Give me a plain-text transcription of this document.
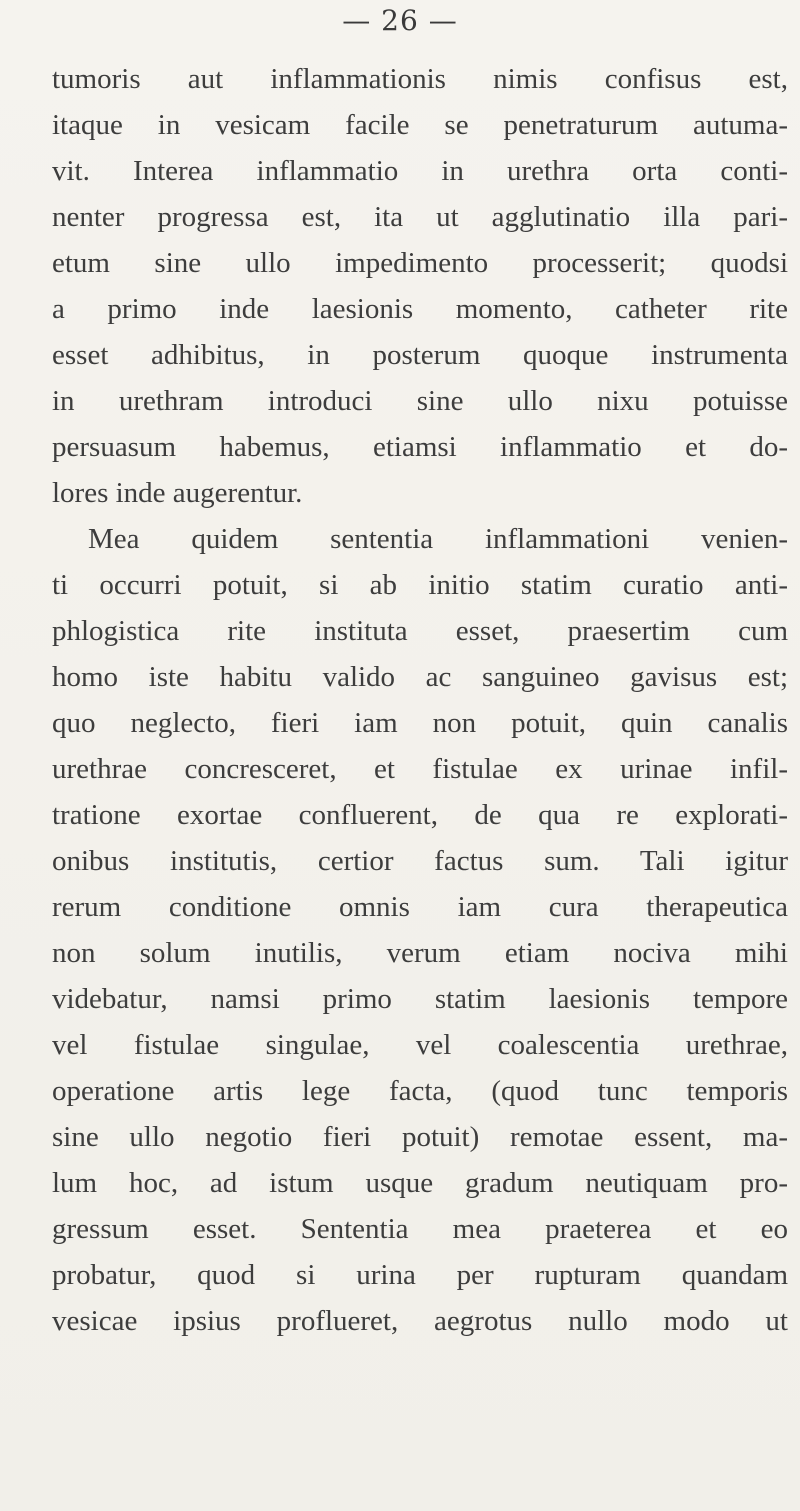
— 26 —
tumoris aut inflammationis nimis confisus est,
itaque in vesicam facile se penetraturum autuma-
vit. Interea inflammatio in urethra orta conti-
nenter progressa est, ita ut agglutinatio illa pari-
etum sine ullo impedimento processerit; quodsi
a primo inde laesionis momento, catheter rite
esset adhibitus, in posterum quoque instrumenta
in urethram introduci sine ullo nixu potuisse
persuasum habemus, etiamsi inflammatio et do-
lores inde augerentur.
Mea quidem sententia inflammationi venien-
ti occurri potuit, si ab initio statim curatio anti-
phlogistica rite instituta esset, praesertim cum
homo iste habitu valido ac sanguineo gavisus est;
quo neglecto, fieri iam non potuit, quin canalis
urethrae concresceret, et fistulae ex urinae infil-
tratione exortae confluerent, de qua re explorati-
onibus institutis, certior factus sum. Tali igitur
rerum conditione omnis iam cura therapeutica
non solum inutilis, verum etiam nociva mihi
videbatur, namsi primo statim laesionis tempore
vel fistulae singulae, vel coalescentia urethrae,
operatione artis lege facta, (quod tunc temporis
sine ullo negotio fieri potuit) remotae essent, ma-
lum hoc, ad istum usque gradum neutiquam pro-
gressum esset. Sententia mea praeterea et eo
probatur, quod si urina per rupturam quandam
vesicae ipsius proflueret, aegrotus nullo modo ut
